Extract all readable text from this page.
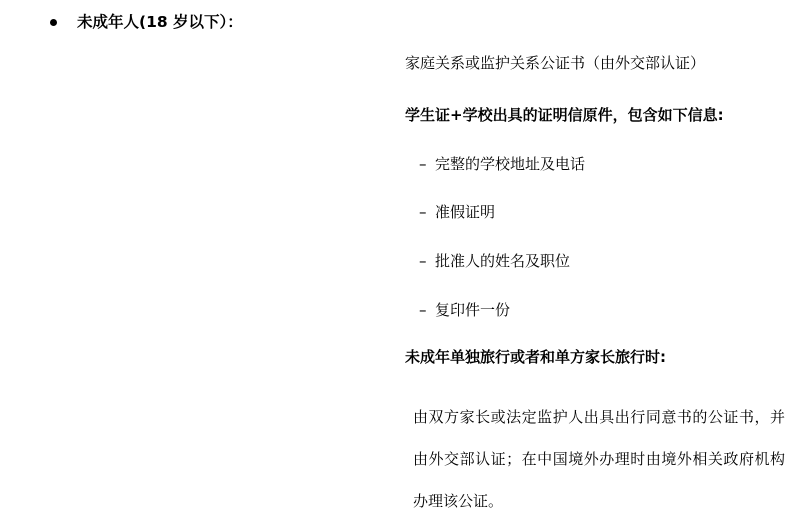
未成年人(18 岁以下）：

家庭关系或监护关系公证书（由外交部认证）

学生证+学校出具的证明信原件，包含如下信息:

– 完整的学校地址及电话
– 准假证明
– 批准人的姓名及职位
– 复印件一份

未成年单独旅行或者和单方家长旅行时:

由双方家长或法定监护人出具出行同意书的公证书，并由外交部认证；在中国境外办理时由境外相关政府机构办理该公证。
